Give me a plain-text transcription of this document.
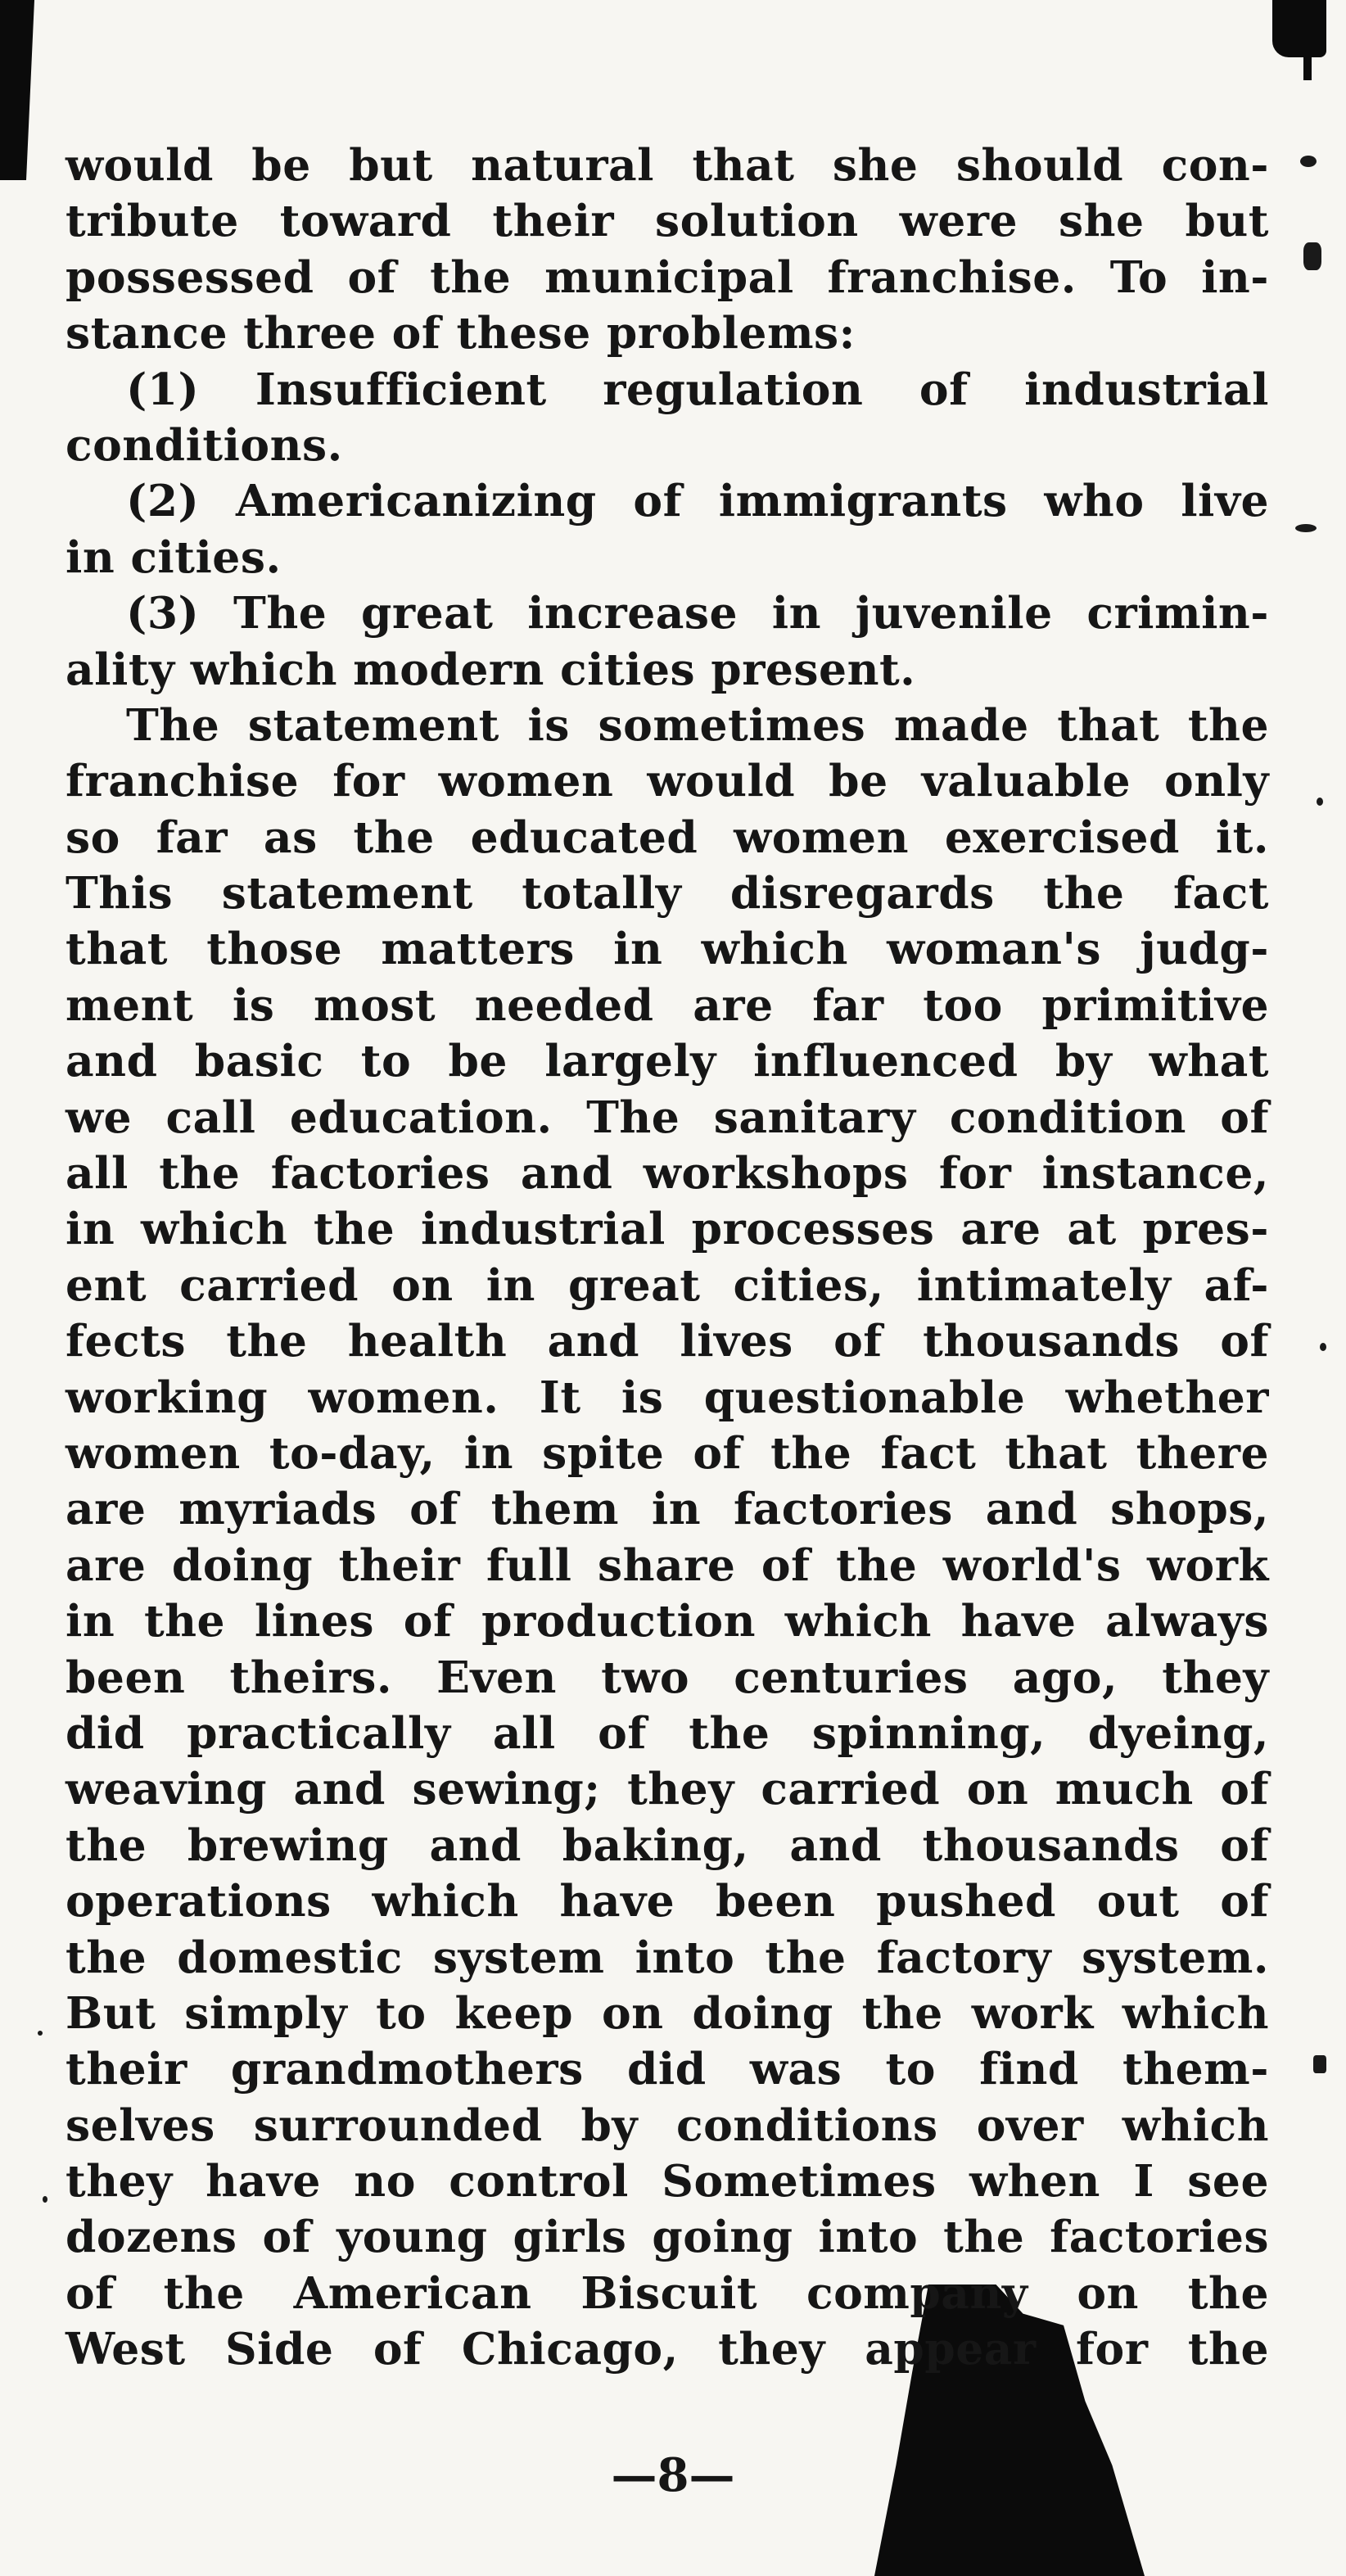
would be but natural that she should con-
tribute toward their solution were she but
possessed of the municipal franchise. To in-
stance three of these problems:
(1) Insufficient regulation of industrial
conditions.
(2) Americanizing of immigrants who live
in cities.
(3) The great increase in juvenile crimin-
ality which modern cities present.
The statement is sometimes made that the
franchise for women would be valuable only
so far as the educated women exercised it.
This statement totally disregards the fact
that those matters in which woman's judg-
ment is most needed are far too primitive
and basic to be largely influenced by what
we call education. The sanitary condition of
all the factories and workshops for instance,
in which the industrial processes are at pres-
ent carried on in great cities, intimately af-
fects the health and lives of thousands of
working women. It is questionable whether
women to-day, in spite of the fact that there
are myriads of them in factories and shops,
are doing their full share of the world's work
in the lines of production which have always
been theirs. Even two centuries ago, they
did practically all of the spinning, dyeing,
weaving and sewing; they carried on much of
the brewing and baking, and thousands of
operations which have been pushed out of
the domestic system into the factory system.
But simply to keep on doing the work which
their grandmothers did was to find them-
selves surrounded by conditions over which
they have no control Sometimes when I see
dozens of young girls going into the factories
of the American Biscuit company on the
West Side of Chicago, they appear for the
—8—
